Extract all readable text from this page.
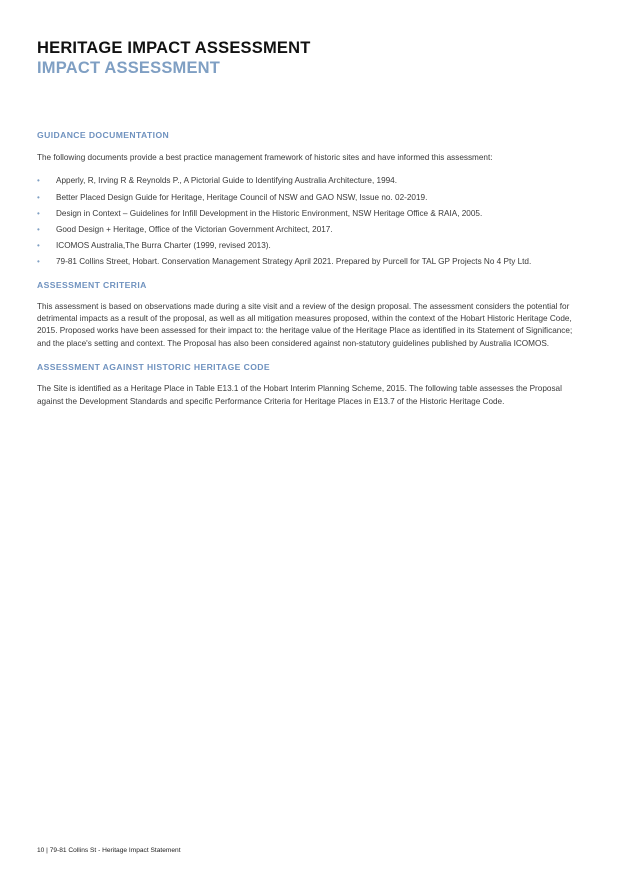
HERITAGE IMPACT ASSESSMENT
IMPACT ASSESSMENT
GUIDANCE DOCUMENTATION

The following documents provide a best practice management framework of historic sites and have informed this assessment:

• Apperly, R, Irving R & Reynolds P., A Pictorial Guide to Identifying Australia Architecture, 1994.
• Better Placed Design Guide for Heritage, Heritage Council of NSW and GAO NSW, Issue no. 02-2019.
• Design in Context – Guidelines for Infill Development in the Historic Environment, NSW Heritage Office & RAIA, 2005.
• Good Design + Heritage, Office of the Victorian Government Architect, 2017.
• ICOMOS Australia,The Burra Charter (1999, revised 2013).
• 79-81 Collins Street, Hobart. Conservation Management Strategy April 2021. Prepared by Purcell for TAL GP Projects No 4 Pty Ltd.
ASSESSMENT CRITERIA

This assessment is based on observations made during a site visit and a review of the design proposal. The assessment considers the potential for detrimental impacts as a result of the proposal, as well as all mitigation measures proposed, within the context of the Hobart Historic Heritage Code, 2015. Proposed works have been assessed for their impact to: the heritage value of the Heritage Place as identified in its Statement of Significance; and the place's setting and context. The Proposal has also been considered against non-statutory guidelines published by Australia ICOMOS.

ASSESSMENT AGAINST HISTORIC HERITAGE CODE

The Site is identified as a Heritage Place in Table E13.1 of the Hobart Interim Planning Scheme, 2015. The following table assesses the Proposal against the Development Standards and specific Performance Criteria for Heritage Places in E13.7 of the Historic Heritage Code.

10 | 79-81 Collins St - Heritage Impact Statement
